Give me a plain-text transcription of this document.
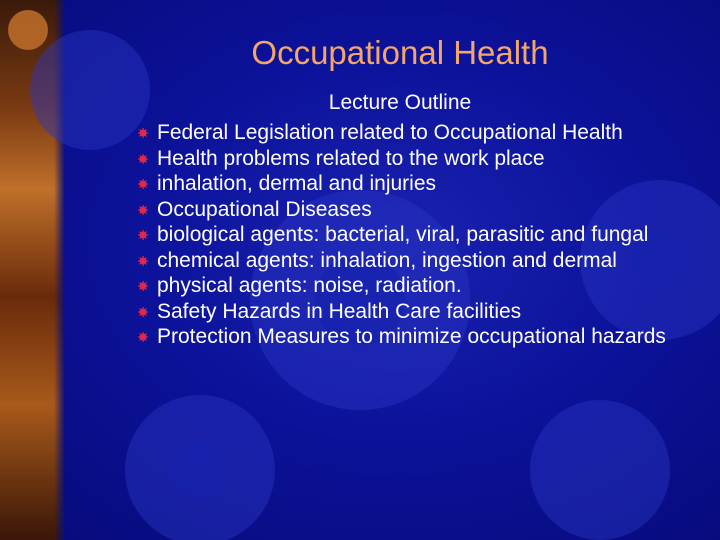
Occupational Health
Lecture Outline
Federal Legislation related to Occupational Health
Health problems related to the work place
inhalation, dermal and injuries
Occupational Diseases
biological agents: bacterial, viral, parasitic and fungal
chemical agents: inhalation, ingestion and dermal
physical agents: noise, radiation.
Safety Hazards in Health Care facilities
Protection Measures to minimize occupational hazards
